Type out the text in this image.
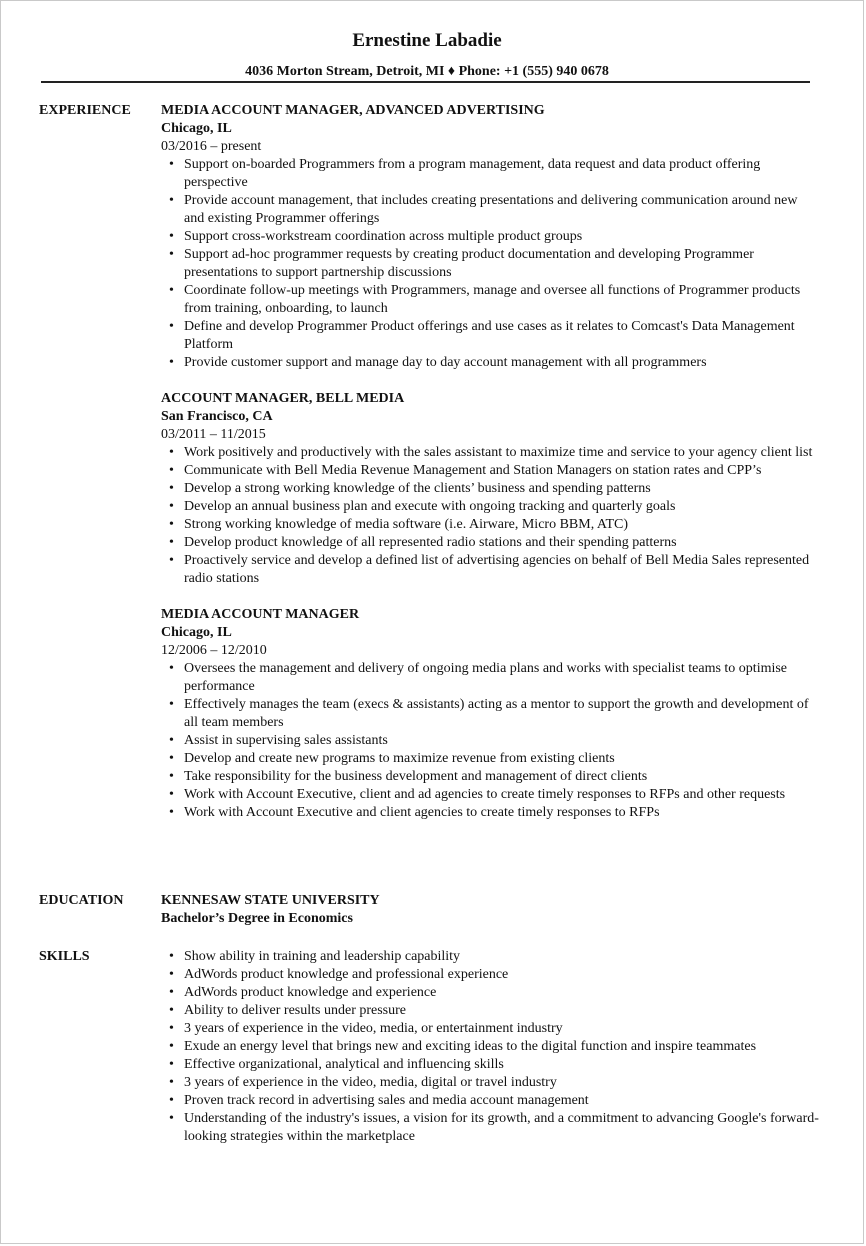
Ernestine Labadie
4036 Morton Stream, Detroit, MI ♦ Phone: +1 (555) 940 0678
EXPERIENCE MEDIA ACCOUNT MANAGER, ADVANCED ADVERTISING
Chicago, IL
03/2016 – present
• Support on-boarded Programmers from a program management, data request and data product offering perspective
• Provide account management, that includes creating presentations and delivering communication around new and existing Programmer offerings
• Support cross-workstream coordination across multiple product groups
• Support ad-hoc programmer requests by creating product documentation and developing Programmer presentations to support partnership discussions
• Coordinate follow-up meetings with Programmers, manage and oversee all functions of Programmer products from training, onboarding, to launch
• Define and develop Programmer Product offerings and use cases as it relates to Comcast's Data Management Platform
• Provide customer support and manage day to day account management with all programmers
ACCOUNT MANAGER, BELL MEDIA
San Francisco, CA
03/2011 – 11/2015
• Work positively and productively with the sales assistant to maximize time and service to your agency client list
• Communicate with Bell Media Revenue Management and Station Managers on station rates and CPP’s
• Develop a strong working knowledge of the clients’ business and spending patterns
• Develop an annual business plan and execute with ongoing tracking and quarterly goals
• Strong working knowledge of media software (i.e. Airware, Micro BBM, ATC)
• Develop product knowledge of all represented radio stations and their spending patterns
• Proactively service and develop a defined list of advertising agencies on behalf of Bell Media Sales represented radio stations
MEDIA ACCOUNT MANAGER
Chicago, IL
12/2006 – 12/2010
• Oversees the management and delivery of ongoing media plans and works with specialist teams to optimise performance
• Effectively manages the team (execs & assistants) acting as a mentor to support the growth and development of all team members
• Assist in supervising sales assistants
• Develop and create new programs to maximize revenue from existing clients
• Take responsibility for the business development and management of direct clients
• Work with Account Executive, client and ad agencies to create timely responses to RFPs and other requests
• Work with Account Executive and client agencies to create timely responses to RFPs
EDUCATION	KENNESAW STATE UNIVERSITY
Bachelor’s Degree in Economics
SKILLS
•	Show ability in training and leadership capability
• AdWords product knowledge and professional experience
• AdWords product knowledge and experience
• Ability to deliver results under pressure
• 3 years of experience in the video, media, or entertainment industry
• Exude an energy level that brings new and exciting ideas to the digital function and inspire teammates
• Effective organizational, analytical and influencing skills
• 3 years of experience in the video, media, digital or travel industry
• Proven track record in advertising sales and media account management
• Understanding of the industry's issues, a vision for its growth, and a commitment to advancing Google's forward-looking strategies within the marketplace
